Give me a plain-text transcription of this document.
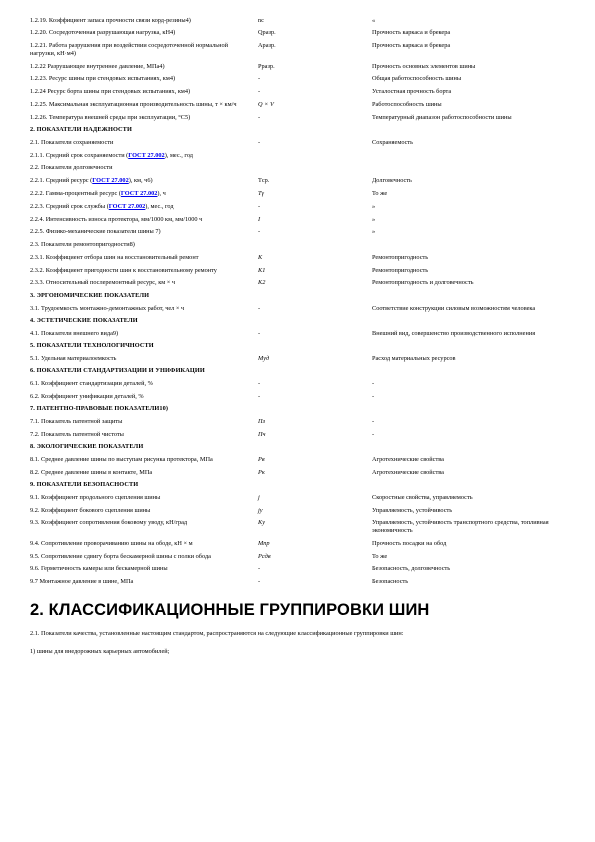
1.2.19. Коэффициент запаса прочности связи корд-резины4)	nc	«
1.2.20. Сосредоточенная разрушающая нагрузка, кН4)	Qразр.	Прочность каркаса и брекера
1.2.21. Работа разрушения при воздействии сосредоточенной нормальной нагрузки, кН·м4)	Aразр.	Прочность каркаса и брекера
1.2.22 Разрушающее внутреннее давление, МПа4)	Pразр.	Прочность основных элементов шины
1.2.23. Ресурс шины при стендовых испытаниях, км4)	-	Общая работоспособность шины
1.2.24 Ресурс борта шины при стендовых испытаниях, км4)	-	Усталостная прочность борта
1.2.25. Максимальная эксплуатационная производительность шины, т × км/ч	Q × V	Работоспособность шины
1.2.26. Температура внешней среды при эксплуатации, °С5)	-	Температурный диапазон работоспособности шины
2. ПОКАЗАТЕЛИ НАДЕЖНОСТИ		
2.1. Показатели сохраняемости	-	Сохраняемость
2.1.1. Средний срок сохраняемости (ГОСТ 27.002), мес., год		
2.2. Показатели долговечности		
2.2.1. Средний ресурс (ГОСТ 27.002), км, ч6)	Tср.	Долговечность
2.2.2. Гамма-процентный ресурс (ГОСТ 27.002), ч	Tγ	То же
2.2.3. Средний срок службы (ГОСТ 27.002), мес., год	-	»
2.2.4. Интенсивность износа протектора, мм/1000 км, мм/1000 ч	I	»
2.2.5. Физико-механические показатели шины 7)	-	»
2.3. Показатели ремонтопригодности8)		
2.3.1. Коэффициент отбора шин на восстановительный ремонт	K	Ремонтопригодность
2.3.2. Коэффициент пригодности шин к восстановительному ремонту	K1	Ремонтопригодность
2.3.3. Относительный послеремонтный ресурс, км × ч	K2	Ремонтопригодность и долговечность
3. ЭРГОНОМИЧЕСКИЕ ПОКАЗАТЕЛИ		
3.1. Трудоемкость монтажно-демонтажных работ, чел × ч	-	Соответствие конструкции силовым возможностям человека
4. ЭСТЕТИЧЕСКИЕ ПОКАЗАТЕЛИ		
4.1. Показатели внешнего вида9)	-	Внешний вид, совершенство производственного исполнения
5. ПОКАЗАТЕЛИ ТЕХНОЛОГИЧНОСТИ		
5.1. Удельная материалоемкость	Mуд	Расход материальных ресурсов
6. ПОКАЗАТЕЛИ СТАНДАРТИЗАЦИИ И УНИФИКАЦИИ		
6.1. Коэффициент стандартизации деталей, %	-	-
6.2. Коэффициент унификации деталей, %	-	-
7. ПАТЕНТНО-ПРАВОВЫЕ ПОКАЗАТЕЛИ10)		
7.1. Показатель патентной защиты	Пз	-
7.2. Показатель патентной чистоты	Пч	-
8. ЭКОЛОГИЧЕСКИЕ ПОКАЗАТЕЛИ		
8.1. Среднее давление шины по выступам рисунка протектора, МПа	Pв	Агротехнические свойства
8.2. Среднее давление шины в контакте, МПа	Pк	Агротехнические свойства
9. ПОКАЗАТЕЛИ БЕЗОПАСНОСТИ		
9.1. Коэффициент продольного сцепления шины	j	Скоростные свойства, управляемость
9.2. Коэффициент бокового сцепления шины	jy	Управляемость, устойчивость
9.3. Коэффициент сопротивления боковому уводу, кН/град	Ky	Управляемость, устойчивость транспортного средства, топливная экономичность
9.4. Сопротивление проворачиванию шины на ободе, кН × м	Мпр	Прочность посадки на обод
9.5. Сопротивление сдвигу борта бескамерной шины с полки обода	Pсдв	То же
9.6. Герметичность камеры или бескамерной шины	-	Безопасность, долговечность
9.7 Монтажное давление в шине, МПа	-	Безопасность
2. КЛАССИФИКАЦИОННЫЕ ГРУППИРОВКИ ШИН

2.1. Показатели качества, установленные настоящим стандартом, распространяются на следующие классификационные группировки шин:

1) шины для внедорожных карьерных автомобилей;
